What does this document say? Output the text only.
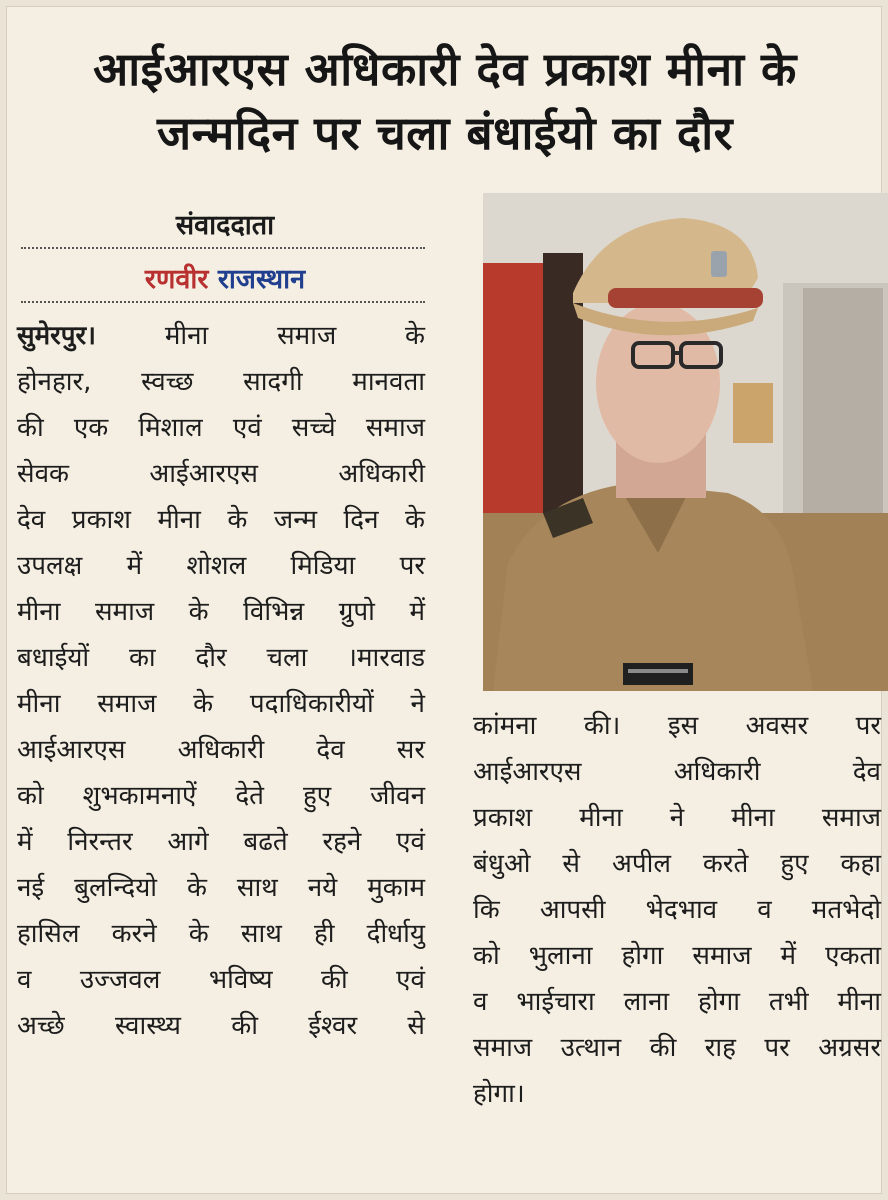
आईआरएस अधिकारी देव प्रकाश मीना के
जन्मदिन पर चला बंधाईयो का दौर
संवाददाता
रणवीर राजस्थान
सुमेरपुर।	मीना समाज के
होनहार, स्वच्छ सादगी मानवता
की एक मिशाल एवं सच्चे समाज
सेवक आईआरएस अधिकारी
देव प्रकाश मीना के जन्म दिन के
उपलक्ष में शोशल मिडिया पर
मीना समाज के विभिन्न ग्रुपो में
बधाईयों का दौर चला ।मारवाड
मीना समाज के पदाधिकारीयों ने
आईआरएस अधिकारी देव सर
को शुभकामनाऐं देते हुए जीवन
में निरन्तर आगे बढते रहने एवं
नई बुलन्दियो के साथ नये मुकाम
हासिल करने के साथ ही दीर्धायु
व उज्जवल भविष्य की एवं
अच्छे स्वास्थ्य की ईश्वर से
कांमना की। इस अवसर पर
आईआरएस अधिकारी देव
प्रकाश मीना ने मीना समाज
बंधुओ से अपील करते हुए कहा
कि आपसी भेदभाव व मतभेदो
को भुलाना होगा समाज में एकता
व भाईचारा लाना होगा तभी मीना
समाज उत्थान की राह पर अग्रसर
होगा।
